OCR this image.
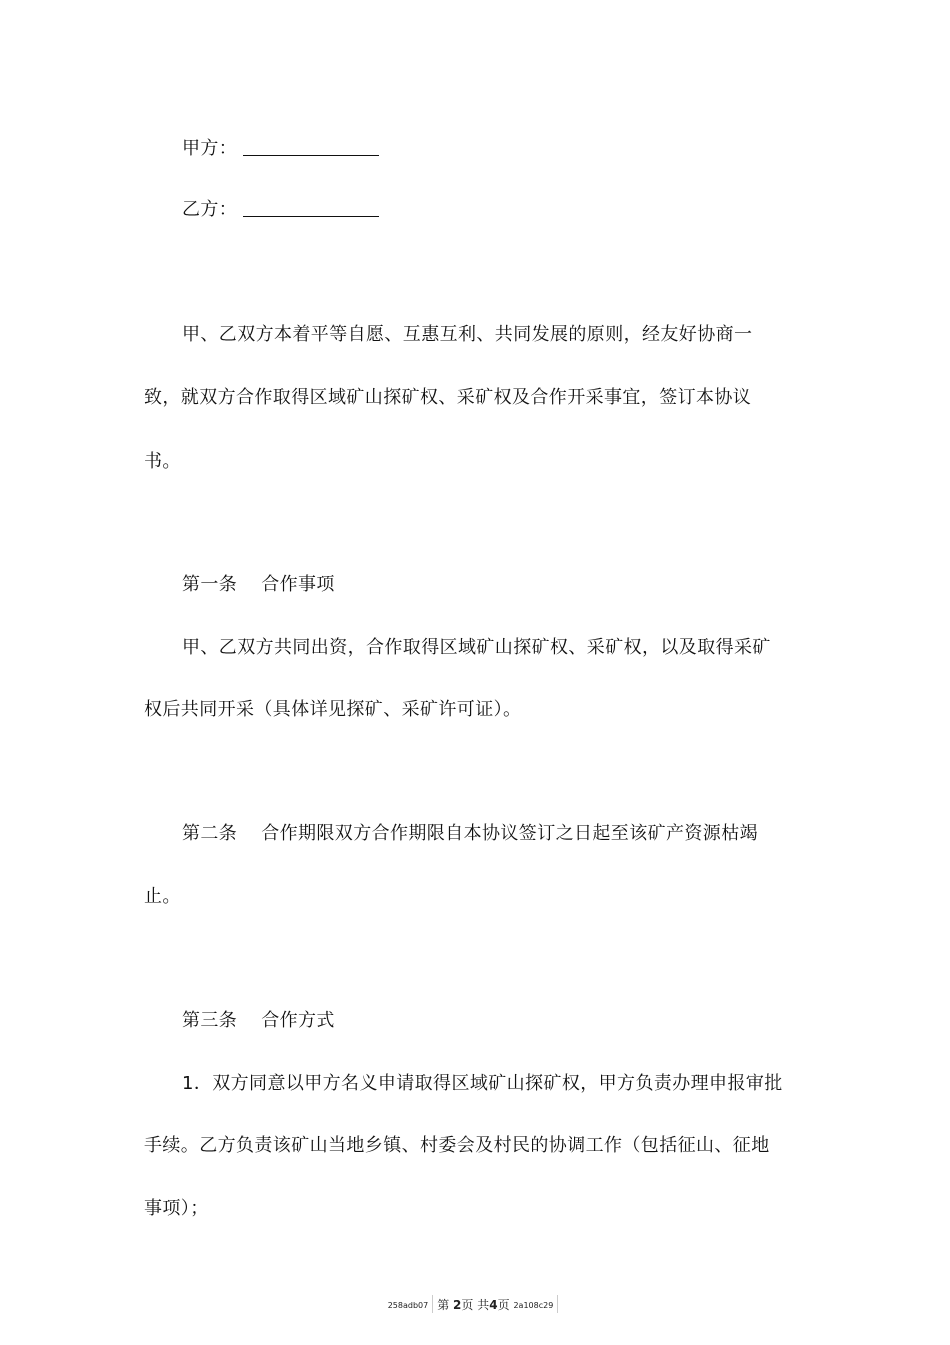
甲方：
乙方：
甲、乙双方本着平等自愿、互惠互利、共同发展的原则，经友好协商一
致，就双方合作取得区域矿山探矿权、采矿权及合作开采事宜，签订本协议
书。
第一条 合作事项
甲、乙双方共同出资，合作取得区域矿山探矿权、采矿权，以及取得采矿
权后共同开采（具体详见探矿、采矿许可证）。
第二条 合作期限双方合作期限自本协议签订之日起至该矿产资源枯竭
止。
第三条 合作方式
1．双方同意以甲方名义申请取得区域矿山探矿权，甲方负责办理申报审批
手续。乙方负责该矿山当地乡镇、村委会及村民的协调工作（包括征山、征地
事项）；
258adb07 第 2页 共4页 2a108c29
